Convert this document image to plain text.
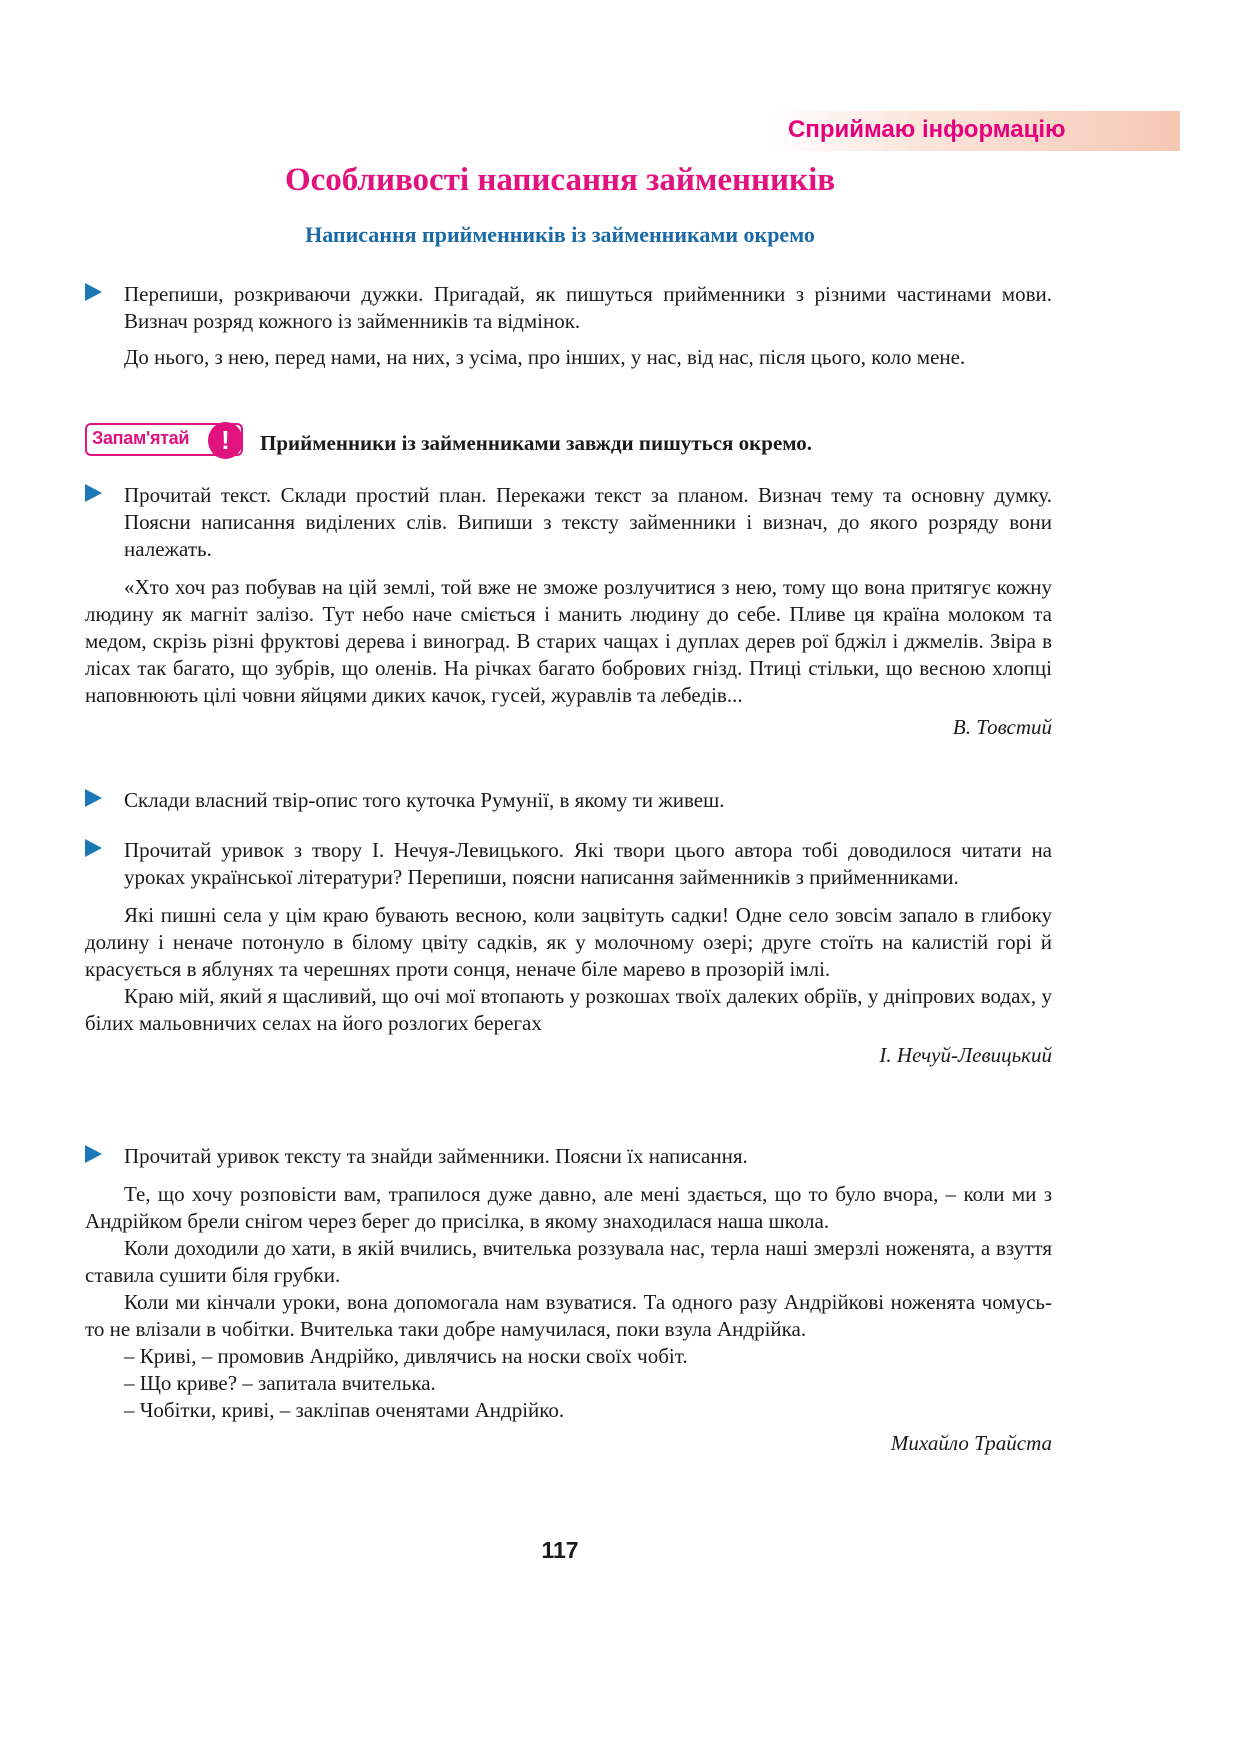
Сприймаю інформацію
Особливості написання займенників
Написання прийменників із займенниками окремо
Перепиши, розкриваючи дужки. Пригадай, як пишуться прийменники з різними частинами мови. Визнач розряд кожного із займенників та відмінок.

До нього, з нею, перед нами, на них, з усіма, про інших, у нас, від нас, після цього, коло мене.

Запам'ятай	!	Прийменники із займенниками завжди пишуться окремо.
Прочитай текст. Склади простий план. Перекажи текст за планом. Визнач тему та основну думку. Поясни написання виділених слів. Випиши з тексту займенники і визнач, до якого розряду вони належать.

«Хто хоч раз побував на цій землі, той вже не зможе розлучитися з нею, тому що вона притягує кожну людину як магніт залізо. Тут небо наче сміється і манить людину до себе. Пливе ця країна молоком та медом, скрізь різні фруктові дерева і виноград. В старих чащах і дуплах дерев рої бджіл і джмелів. Звіра в лісах так багато, що зубрів, що оленів. На річках багато бобрових гнізд. Птиці стільки, що весною хлопці наповнюють цілі човни яйцями диких качок, гусей, журавлів та лебедів...

В. Товстий
Склади власний твір-опис того куточка Румунії, в якому ти живеш.
Прочитай уривок з твору І. Нечуя-Левицького. Які твори цього автора тобі доводилося читати на уроках української літератури? Перепиши, поясни написання займенників з прийменниками.

Які пишні села у цім краю бувають весною, коли зацвітуть садки! Одне село зовсім запало в глибоку долину і неначе потонуло в білому цвіту садків, як у молочному озері; друге стоїть на калистій горі й красується в яблунях та черешнях проти сонця, неначе біле марево в прозорій імлі.

Краю мій, який я щасливий, що очі мої втопають у розкошах твоїх далеких обріїв, у дніпрових водах, у білих мальовничих селах на його розлогих берегах

І. Нечуй-Левицький
Прочитай уривок тексту та знайди займенники. Поясни їх написання.

Те, що хочу розповісти вам, трапилося дуже давно, але мені здається, що то було вчора, – коли ми з Андрійком брели снігом через берег до присілка, в якому знаходилася наша школа.

Коли доходили до хати, в якій вчились, вчителька роззувала нас, терла наші змерзлі ноженята, а взуття ставила сушити біля грубки.

Коли ми кінчали уроки, вона допомогала нам взуватися. Та одного разу Андрійкові ноженята чомусь-то не влізали в чобітки. Вчителька таки добре намучилася, поки взула Андрійка.

– Криві, – промовив Андрійко, дивлячись на носки своїх чобіт.

– Що криве? – запитала вчителька.

– Чобітки, криві, – закліпав оченятами Андрійко.

Михайло Трайста
117
